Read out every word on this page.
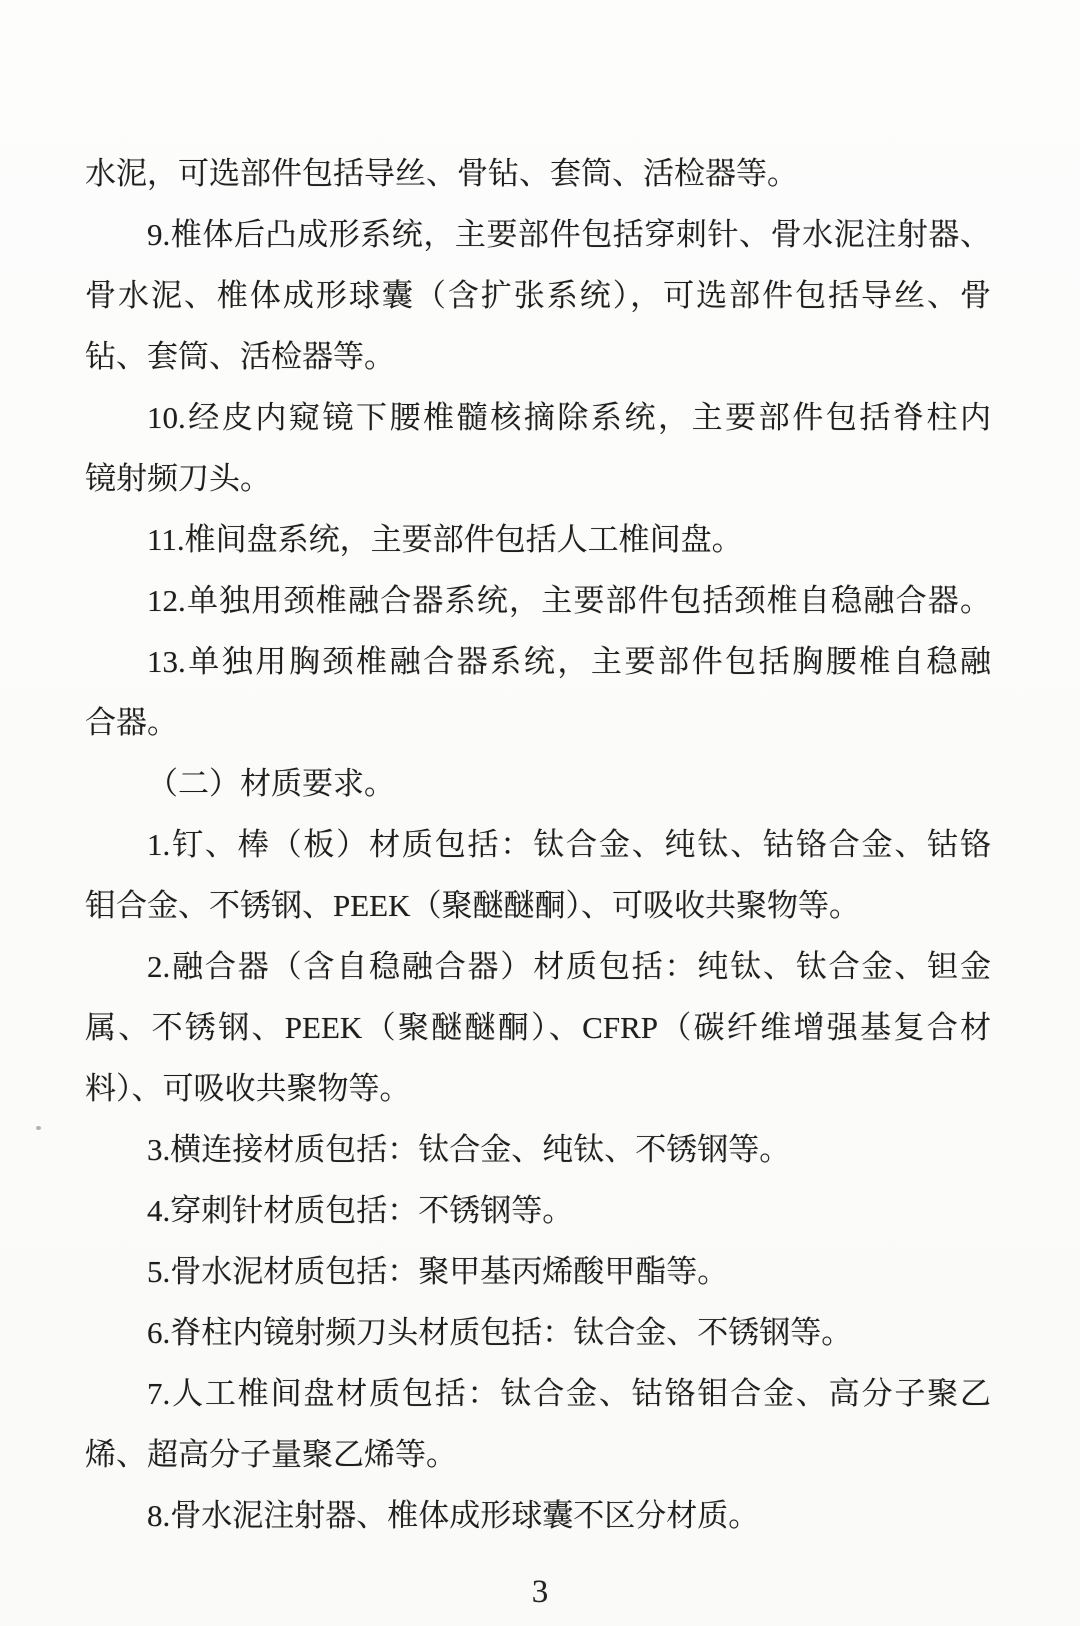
水泥，可选部件包括导丝、骨钻、套筒、活检器等。
9.椎体后凸成形系统，主要部件包括穿刺针、骨水泥注射器、
骨水泥、椎体成形球囊（含扩张系统），可选部件包括导丝、骨
钻、套筒、活检器等。
10.经皮内窥镜下腰椎髓核摘除系统，主要部件包括脊柱内
镜射频刀头。
11.椎间盘系统，主要部件包括人工椎间盘。
12.单独用颈椎融合器系统，主要部件包括颈椎自稳融合器。
13.单独用胸颈椎融合器系统，主要部件包括胸腰椎自稳融
合器。
（二）材质要求。
1.钉、棒（板）材质包括：钛合金、纯钛、钴铬合金、钴铬
钼合金、不锈钢、PEEK（聚醚醚酮）、可吸收共聚物等。
2.融合器（含自稳融合器）材质包括：纯钛、钛合金、钽金
属、不锈钢、PEEK（聚醚醚酮）、CFRP（碳纤维增强基复合材
料）、可吸收共聚物等。
3.横连接材质包括：钛合金、纯钛、不锈钢等。
4.穿刺针材质包括：不锈钢等。
5.骨水泥材质包括：聚甲基丙烯酸甲酯等。
6.脊柱内镜射频刀头材质包括：钛合金、不锈钢等。
7.人工椎间盘材质包括：钛合金、钴铬钼合金、高分子聚乙
烯、超高分子量聚乙烯等。
8.骨水泥注射器、椎体成形球囊不区分材质。
3
